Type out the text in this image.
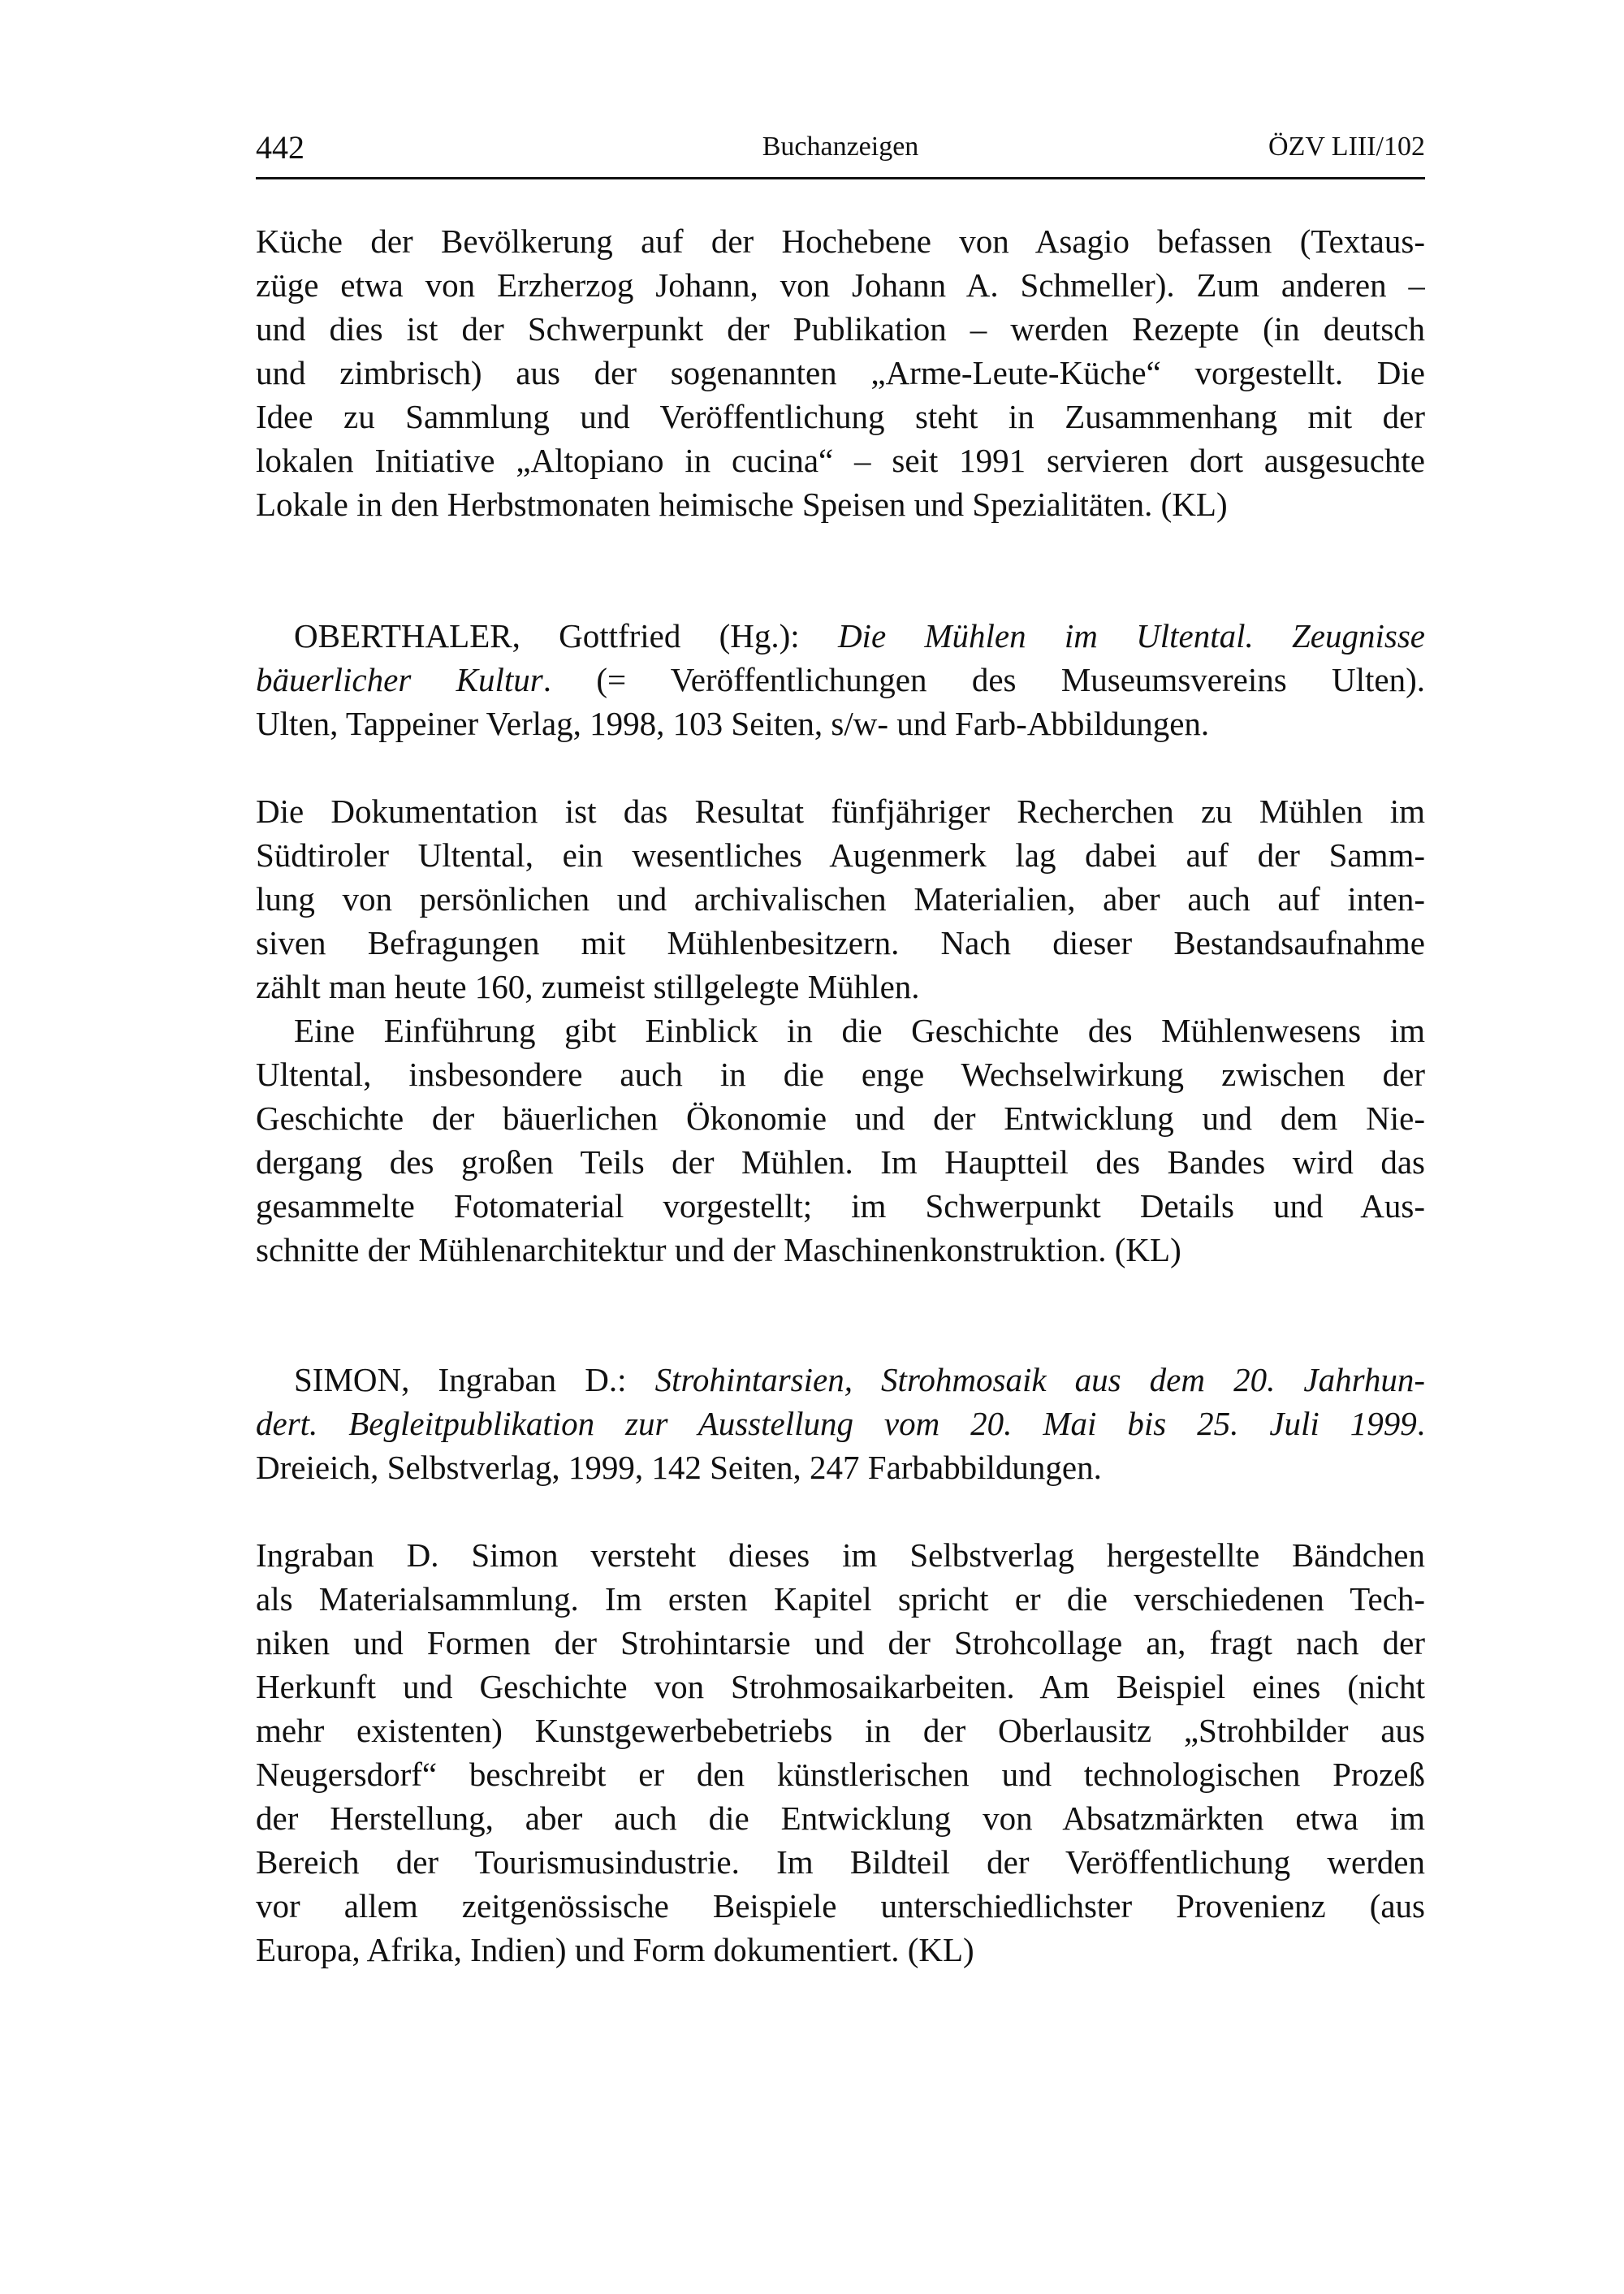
442	Buchanzeigen	ÖZV LIII/102
Küche der Bevölkerung auf der Hochebene von Asagio befassen (Textaus-
züge etwa von Erzherzog Johann, von Johann A. Schmeller). Zum anderen –
und dies ist der Schwerpunkt der Publikation – werden Rezepte (in deutsch
und zimbrisch) aus der sogenannten „Arme-Leute-Küche“ vorgestellt. Die
Idee zu Sammlung und Veröffentlichung steht in Zusammenhang mit der
lokalen Initiative „Altopiano in cucina“ – seit 1991 servieren dort ausgesuchte
Lokale in den Herbstmonaten heimische Speisen und Spezialitäten. (KL)
OBERTHALER, Gottfried (Hg.): Die Mühlen im Ultental. Zeugnisse
bäuerlicher Kultur. (= Veröffentlichungen des Museumsvereins Ulten).
Ulten, Tappeiner Verlag, 1998, 103 Seiten, s/w- und Farb-Abbildungen.
Die Dokumentation ist das Resultat fünfjähriger Recherchen zu Mühlen im
Südtiroler Ultental, ein wesentliches Augenmerk lag dabei auf der Samm-
lung von persönlichen und archivalischen Materialien, aber auch auf inten-
siven Befragungen mit Mühlenbesitzern. Nach dieser Bestandsaufnahme
zählt man heute 160, zumeist stillgelegte Mühlen.
Eine Einführung gibt Einblick in die Geschichte des Mühlenwesens im
Ultental, insbesondere auch in die enge Wechselwirkung zwischen der
Geschichte der bäuerlichen Ökonomie und der Entwicklung und dem Nie-
dergang des großen Teils der Mühlen. Im Hauptteil des Bandes wird das
gesammelte Fotomaterial vorgestellt; im Schwerpunkt Details und Aus-
schnitte der Mühlenarchitektur und der Maschinenkonstruktion. (KL)
SIMON, Ingraban D.: Strohintarsien, Strohmosaik aus dem 20. Jahrhun-
dert. Begleitpublikation zur Ausstellung vom 20. Mai bis 25. Juli 1999.
Dreieich, Selbstverlag, 1999, 142 Seiten, 247 Farbabbildungen.
Ingraban D. Simon versteht dieses im Selbstverlag hergestellte Bändchen
als Materialsammlung. Im ersten Kapitel spricht er die verschiedenen Tech-
niken und Formen der Strohintarsie und der Strohcollage an, fragt nach der
Herkunft und Geschichte von Strohmosaikarbeiten. Am Beispiel eines (nicht
mehr existenten) Kunstgewerbebetriebs in der Oberlausitz „Strohbilder aus
Neugersdorf“ beschreibt er den künstlerischen und technologischen Prozeß
der Herstellung, aber auch die Entwicklung von Absatzmärkten etwa im
Bereich der Tourismusindustrie. Im Bildteil der Veröffentlichung werden
vor allem zeitgenössische Beispiele unterschiedlichster Provenienz (aus
Europa, Afrika, Indien) und Form dokumentiert. (KL)
